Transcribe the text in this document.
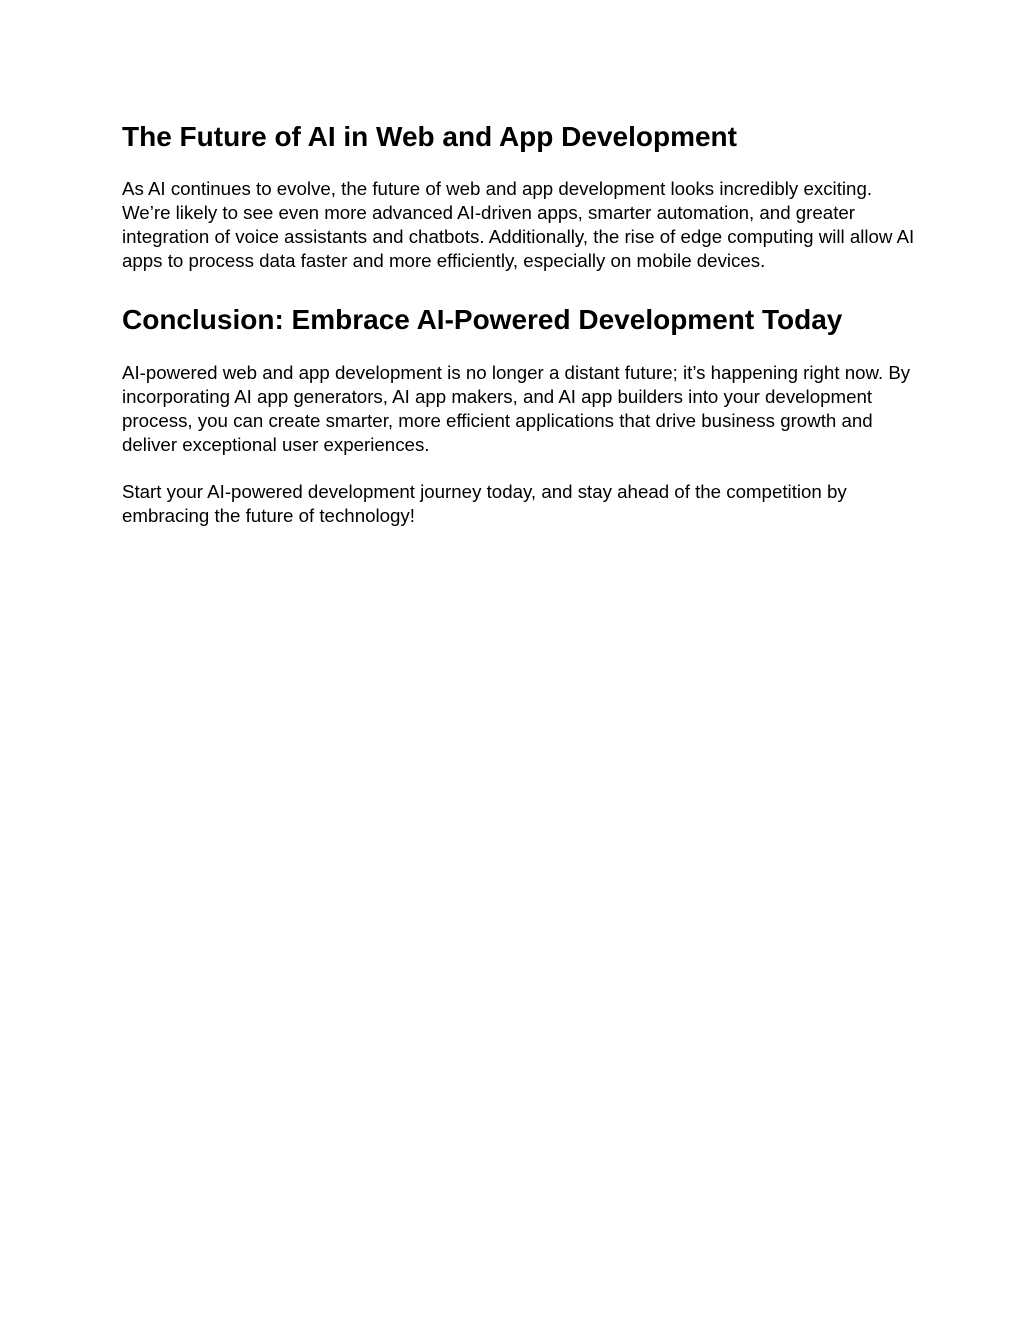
The Future of AI in Web and App Development
As AI continues to evolve, the future of web and app development looks incredibly exciting.
We’re likely to see even more advanced AI-driven apps, smarter automation, and greater
integration of voice assistants and chatbots. Additionally, the rise of edge computing will allow AI
apps to process data faster and more efficiently, especially on mobile devices.
Conclusion: Embrace AI-Powered Development Today
AI-powered web and app development is no longer a distant future; it’s happening right now. By
incorporating AI app generators, AI app makers, and AI app builders into your development
process, you can create smarter, more efficient applications that drive business growth and
deliver exceptional user experiences.
Start your AI-powered development journey today, and stay ahead of the competition by
embracing the future of technology!
